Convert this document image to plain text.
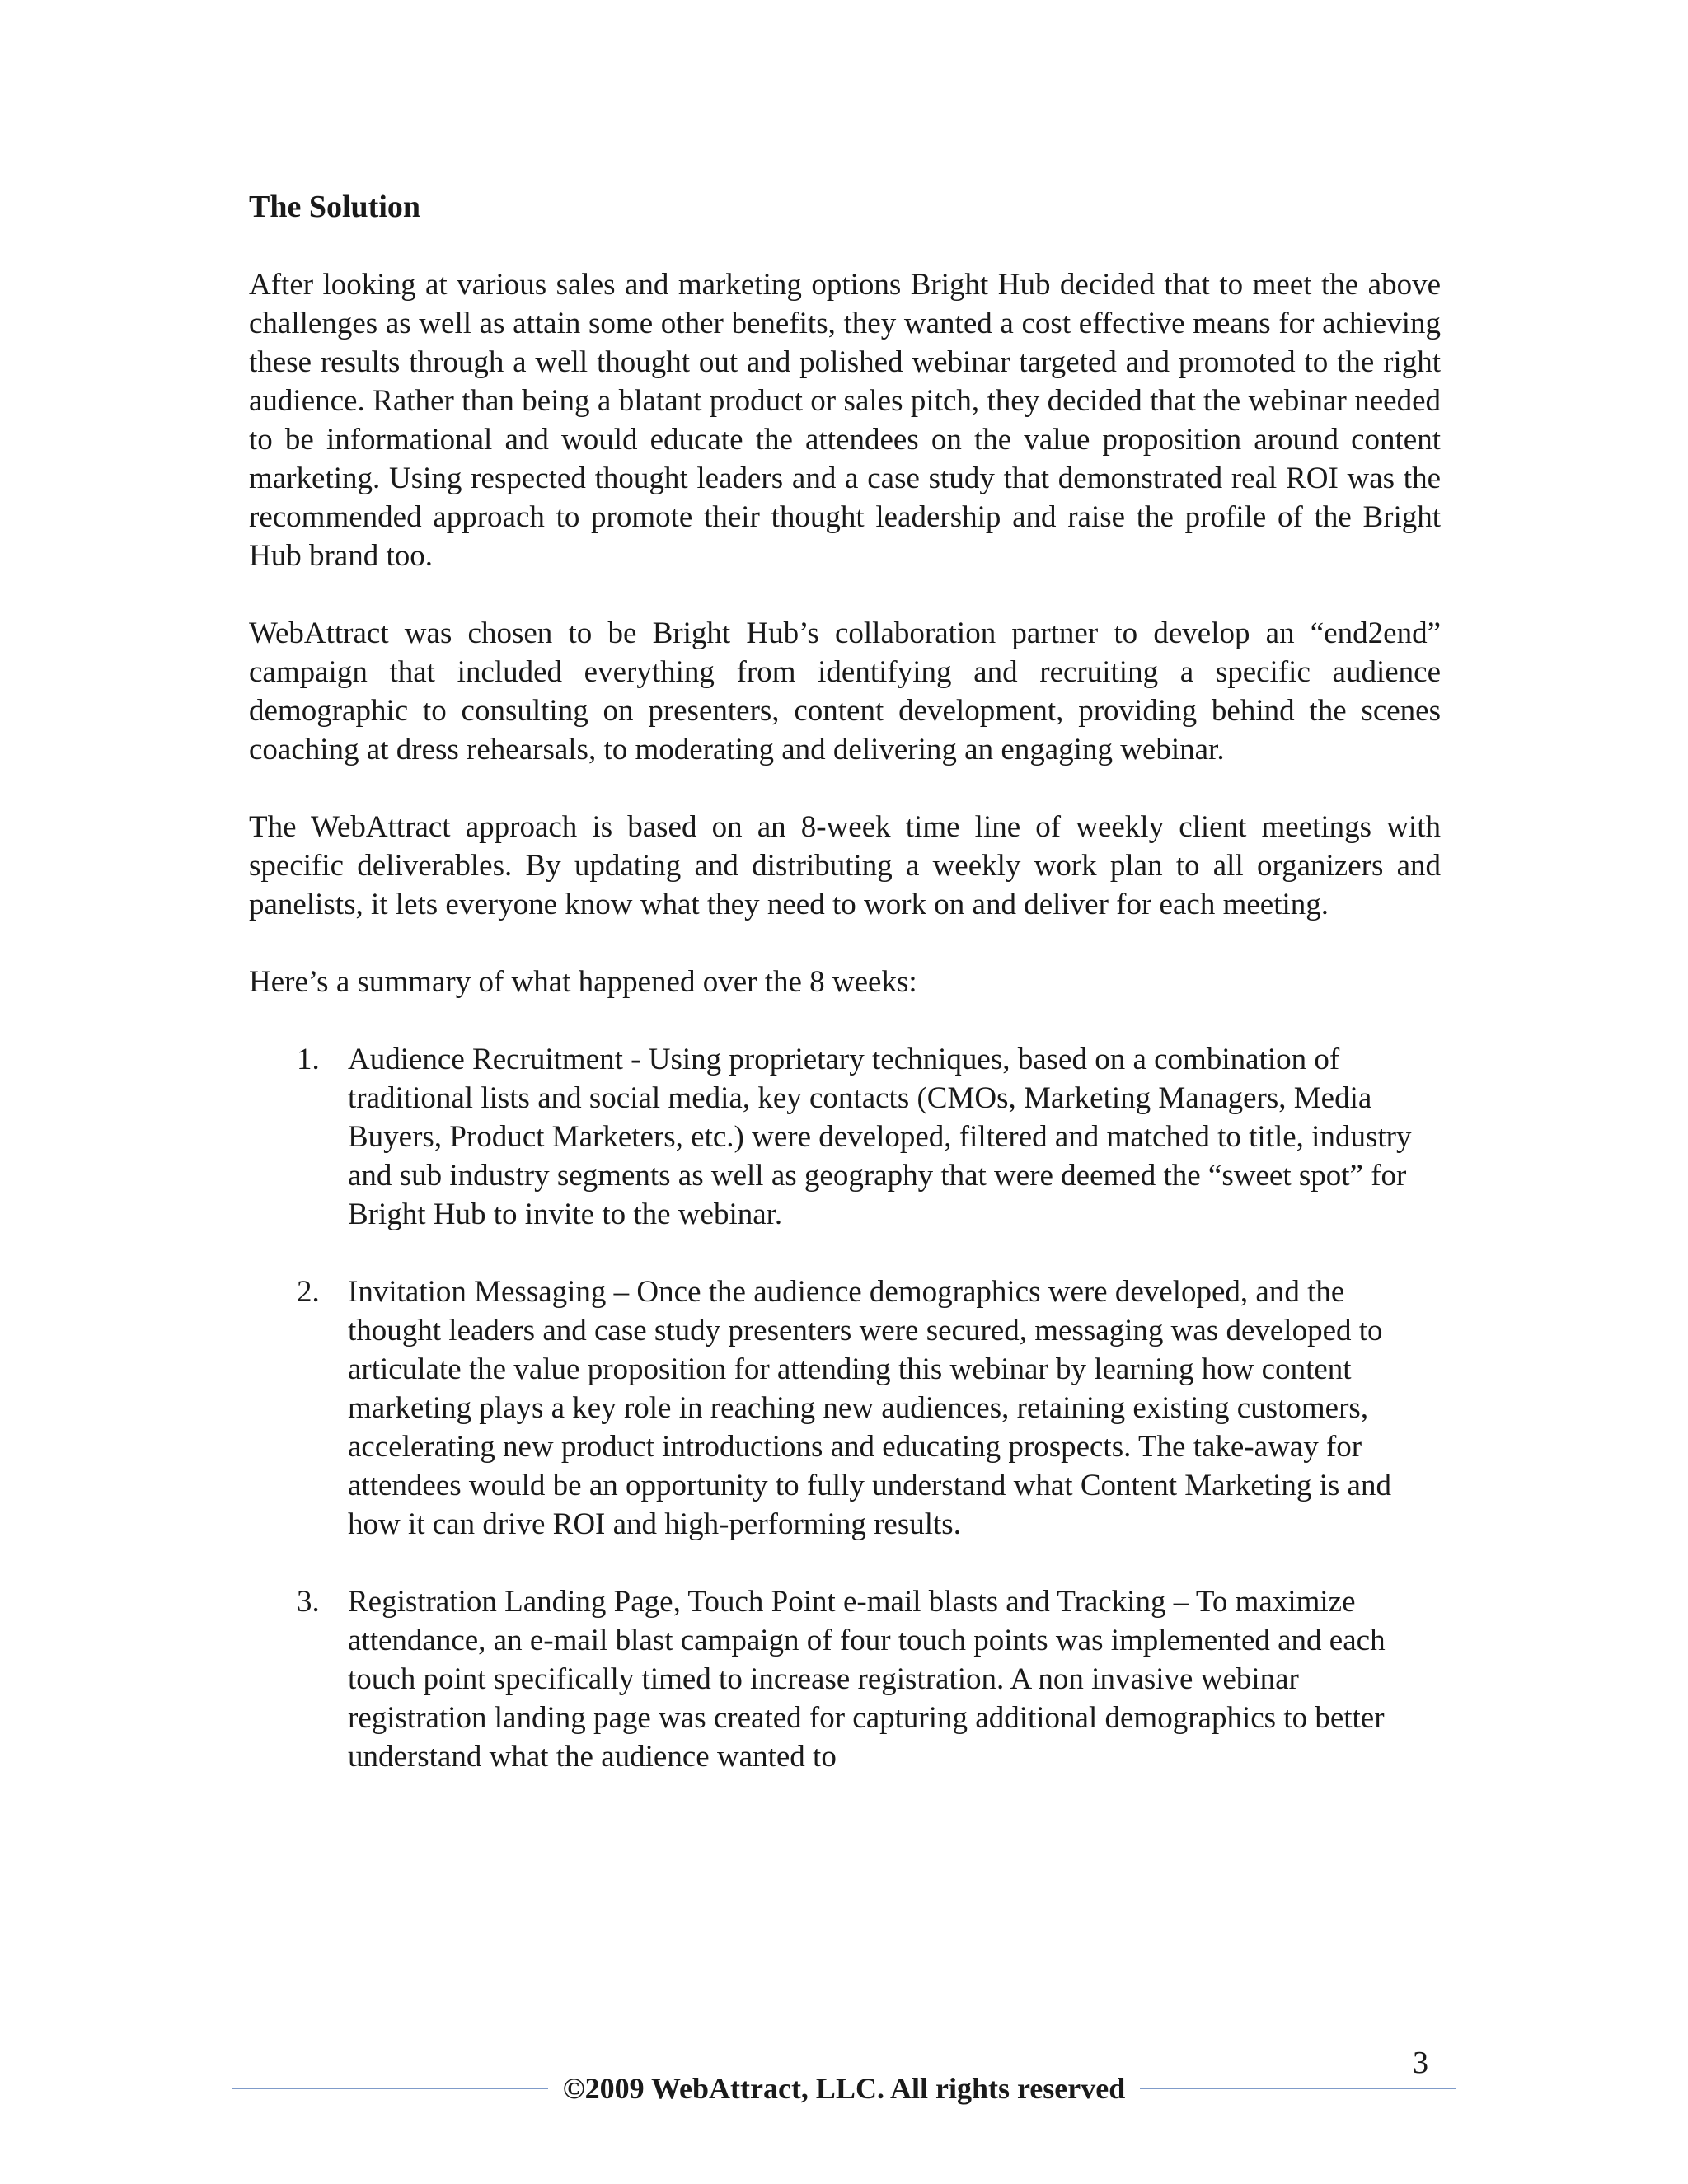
The Solution

After looking at various sales and marketing options Bright Hub decided that to meet the above challenges as well as attain some other benefits, they wanted a cost effective means for achieving these results through a well thought out and polished webinar targeted and promoted to the right audience. Rather than being a blatant product or sales pitch, they decided that the webinar needed to be informational and would educate the attendees on the value proposition around content marketing. Using respected thought leaders and a case study that demonstrated real ROI was the recommended approach to promote their thought leadership and raise the profile of the Bright Hub brand too.

WebAttract was chosen to be Bright Hub’s collaboration partner to develop an “end2end” campaign that included everything from identifying and recruiting a specific audience demographic to consulting on presenters, content development, providing behind the scenes coaching at dress rehearsals, to moderating and delivering an engaging webinar.

The WebAttract approach is based on an 8-week time line of weekly client meetings with specific deliverables. By updating and distributing a weekly work plan to all organizers and panelists, it lets everyone know what they need to work on and deliver for each meeting.

Here’s a summary of what happened over the 8 weeks:

1. Audience Recruitment - Using proprietary techniques, based on a combination of traditional lists and social media, key contacts (CMOs, Marketing Managers, Media Buyers, Product Marketers, etc.) were developed, filtered and matched to title, industry and sub industry segments as well as geography that were deemed the “sweet spot” for Bright Hub to invite to the webinar.
2. Invitation Messaging – Once the audience demographics were developed, and the thought leaders and case study presenters were secured, messaging was developed to articulate the value proposition for attending this webinar by learning how content marketing plays a key role in reaching new audiences, retaining existing customers, accelerating new product introductions and educating prospects. The take-away for attendees would be an opportunity to fully understand what Content Marketing is and how it can drive ROI and high-performing results.
3. Registration Landing Page, Touch Point e-mail blasts and Tracking – To maximize attendance, an e-mail blast campaign of four touch points was implemented and each touch point specifically timed to increase registration. A non invasive webinar registration landing page was created for capturing additional demographics to better understand what the audience wanted to
3
©2009 WebAttract, LLC. All rights reserved
